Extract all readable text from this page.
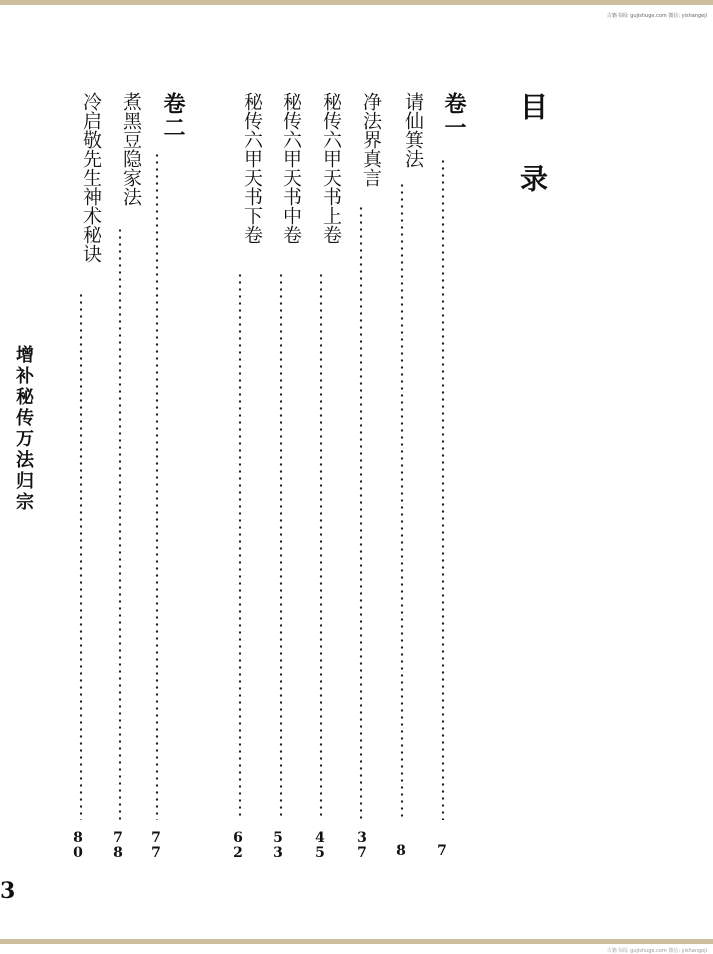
古籍书阁: gujishuge.com 微信: yishangeji
目录
卷一
7
请仙箕法
8
净法界真言
37
秘传六甲天书上卷
45
秘传六甲天书中卷
53
秘传六甲天书下卷
62
卷二
77
煮黑豆隐家法
78
冷启敬先生神术秘诀
80
增补秘传万法归宗
3
古籍书阁: gujishuge.com 微信: yishangeji
